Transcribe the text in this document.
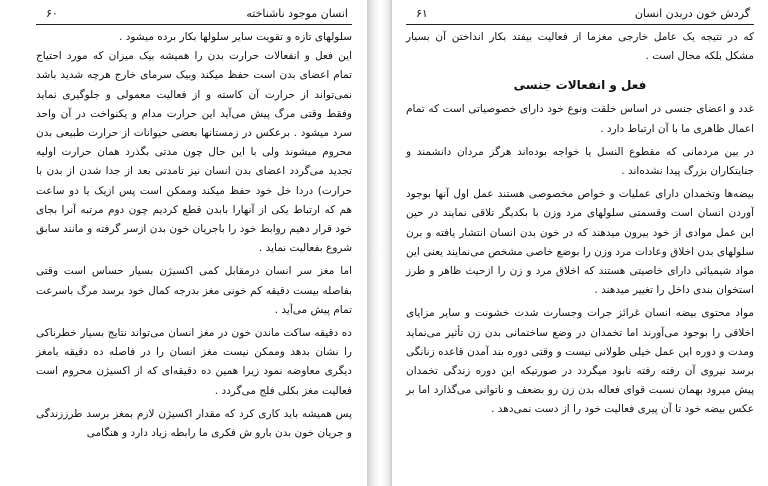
انسان موجود ناشناخته
۶۰

سلولهای تازه و تقویت سایر سلولها بکار برده میشود .

این فعل و انفعالات حرارت بدن را همیشه بیک میزان که مورد احتیاج تمام اعضای بدن است حفظ میکند وبیک سرمای خارج هرچه شدید باشد نمی‌تواند از حرارت آن کاسته و از فعالیت معمولی و جلوگیری نماید وفقط وقتی مرگ پیش می‌آید این حرارت مدام و یکنواخت در آن واحد سرد میشود . برعکس در زمستانها بعضی حیوانات از حرارت طبیعی بدن محروم میشوند ولی با این حال چون مدتی بگذرد همان حرارت اولیه تجدید می‌گردد اعضای بدن انسان نیز تامدتی بعد از جدا شدن از بدن با حرارت) دردا خل خود حفظ میکند وممکن است پس ازیک یا دو ساعت هم که ارتباط یکی از آنهارا بابدن قطع کردیم چون دوم مرتبه آنرا بجای خود قرار دهیم روابط خود را باجریان خون بدن ازسر گرفته و مانند سابق شروع بفعالیت نماید .

اما مغز سر انسان درمقابل کمی اکسیژن بسیار حساس است وقتی بفاصله بیست دقیقه کم خونی مغز بدرجه کمال خود برسد مرگ باسرعت تمام پیش می‌آید .

ده دقیقه ساکت ماندن خون در مغز انسان می‌تواند نتایج بسیار خطرناکی را نشان بدهد وممکن نیست مغز انسان را در فاصله ده دقیقه بامغز دیگری معاوضه نمود زیرا همین ده دقیقه‌ای که از اکسیژن محروم است فعالیت مغز بکلی فلج می‌گردد .

پس همیشه باید کاری کرد که مقدار اکسیژن لازم بمغز برسد طرززندگی و جریان خون بدن بارو ش فکری ما رابطه زیاد دارد و هنگامی

گردش خون دربدن انسان
۶۱

که در نتیجه یک عامل خارجی مغزما از فعالیت بیفتد بکار انداختن آن بسیار مشکل بلکه محال است .

فعل و انفعالات جنسی

غدد و اعضای جنسی در اساس خلقت ونوع خود دارای خصوصیاتی است که تمام اعمال ظاهری ما با آن ارتباط دارد .

در بین مردمانی که مقطوع النسل یا خواجه بوده‌اند هرگز مردان دانشمند و جنایتکاران بزرگ پیدا نشده‌اند .

بیضه‌ها وتخمدان دارای عملیات و خواص مخصوصی هستند عمل اول آنها بوجود آوردن انسان است وقسمتی سلولهای مرد وزن با بکدیگر تلاقی نمایند در حین این عمل موادی از خود بیرون میدهند که در خون بدن انسان انتشار یافته و برن سلولهای بدن اخلاق وعادات مرد وزن را بوضع خاصی مشخص می‌نمایند یعنی این مواد شیمیائی دارای خاصیتی هستند که اخلاق مرد و زن را ازحیث ظاهر و طرز استخوان بندی داخل را تغییر میدهند .

مواد محتوی بیضه انسان غرائز جرات وجسارت شدت خشونت و سایر مزایای اخلاقی را بوجود می‌آورند اما تخمدان در وضع ساختمانی بدن زن تأثیر می‌نماید ومدت و دوره این عمل خیلی طولانی نیست و وقتی دوره بند آمدن قاعده زنانگی برسد نیروی آن رفته رفته نابود میگردد در صورتیکه این دوره زندگی تخمدان پیش میرود بهمان نسبت قوای فعاله بدن زن رو بضعف و ناتوانی می‌گذارد اما بر عکس بیضه خود تا آن پیری فعالیت خود را از دست نمی‌دهد .
